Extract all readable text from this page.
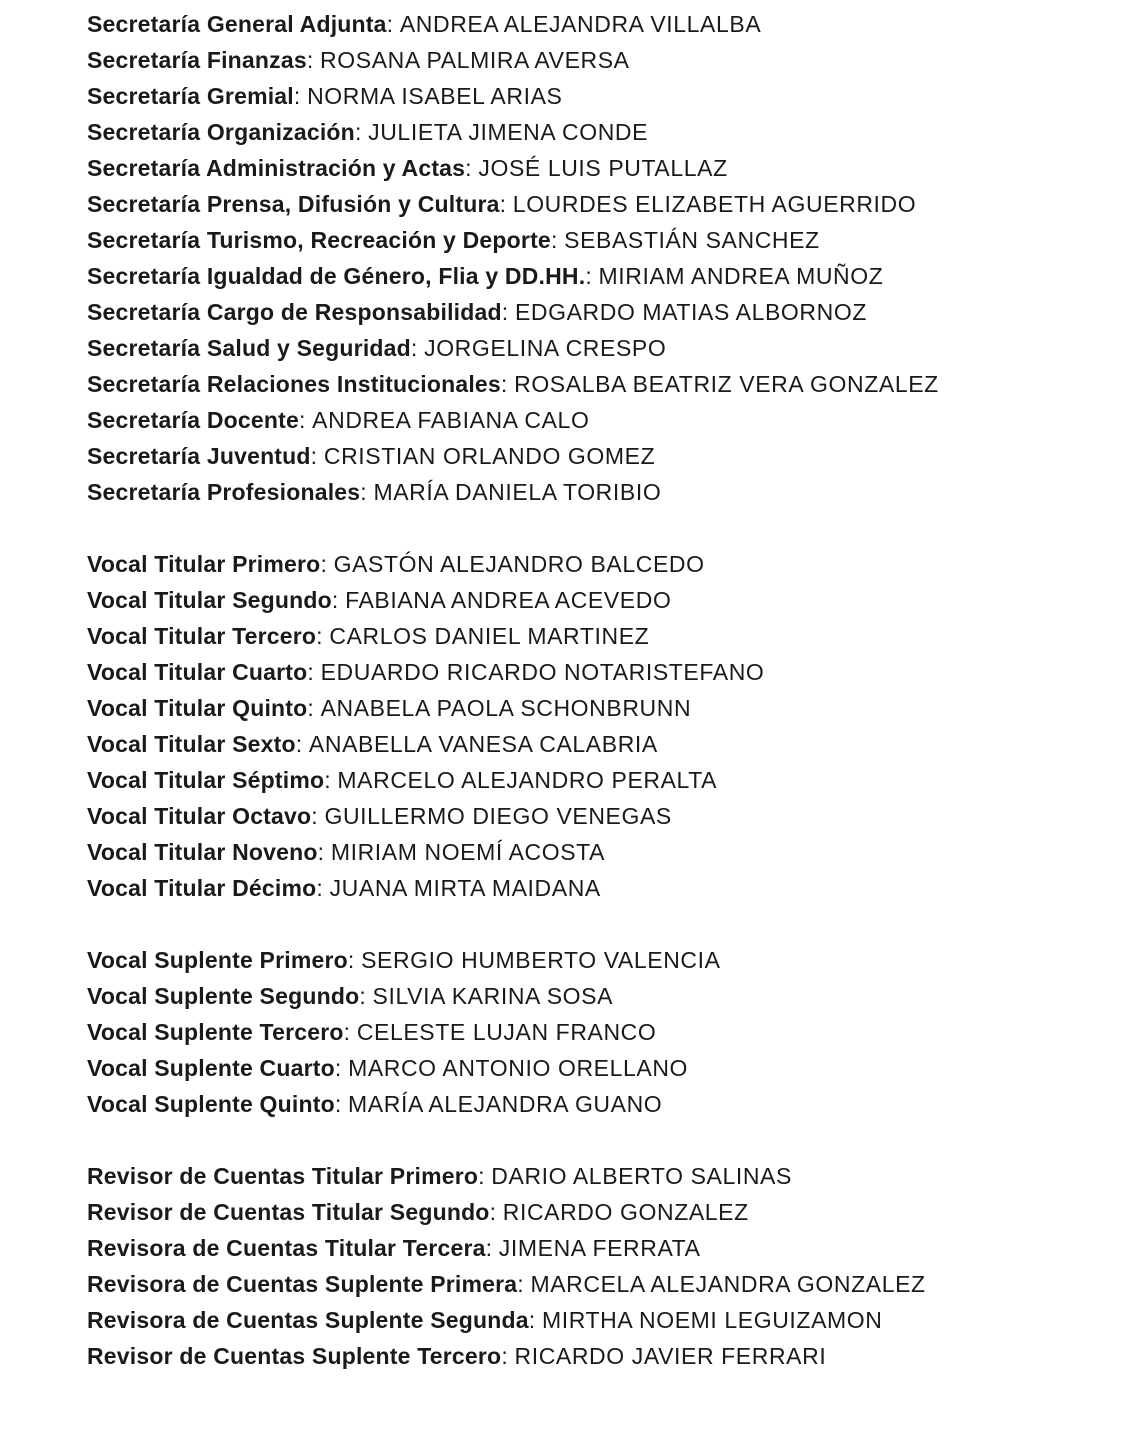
Secretaría General Adjunta: ANDREA ALEJANDRA VILLALBA
Secretaría Finanzas: ROSANA PALMIRA AVERSA
Secretaría Gremial: NORMA ISABEL ARIAS
Secretaría Organización: JULIETA JIMENA CONDE
Secretaría Administración y Actas: JOSÉ LUIS PUTALLAZ
Secretaría Prensa, Difusión y Cultura: LOURDES ELIZABETH AGUERRIDO
Secretaría Turismo, Recreación y Deporte: SEBASTIÁN SANCHEZ
Secretaría Igualdad de Género, Flia y DD.HH.: MIRIAM ANDREA MUÑOZ
Secretaría Cargo de Responsabilidad: EDGARDO MATIAS ALBORNOZ
Secretaría Salud y Seguridad: JORGELINA CRESPO
Secretaría Relaciones Institucionales: ROSALBA BEATRIZ VERA GONZALEZ
Secretaría Docente: ANDREA FABIANA CALO
Secretaría Juventud: CRISTIAN ORLANDO GOMEZ
Secretaría Profesionales: MARÍA DANIELA TORIBIO
Vocal Titular Primero: GASTÓN ALEJANDRO BALCEDO
Vocal Titular Segundo: FABIANA ANDREA ACEVEDO
Vocal Titular Tercero: CARLOS DANIEL MARTINEZ
Vocal Titular Cuarto: EDUARDO RICARDO NOTARISTEFANO
Vocal Titular Quinto: ANABELA PAOLA SCHONBRUNN
Vocal Titular Sexto: ANABELLA VANESA CALABRIA
Vocal Titular Séptimo: MARCELO ALEJANDRO PERALTA
Vocal Titular Octavo: GUILLERMO DIEGO VENEGAS
Vocal Titular Noveno: MIRIAM NOEMÍ ACOSTA
Vocal Titular Décimo: JUANA MIRTA MAIDANA
Vocal Suplente Primero: SERGIO HUMBERTO VALENCIA
Vocal Suplente Segundo: SILVIA KARINA SOSA
Vocal Suplente Tercero: CELESTE LUJAN FRANCO
Vocal Suplente Cuarto: MARCO ANTONIO ORELLANO
Vocal Suplente Quinto: MARÍA ALEJANDRA GUANO
Revisor de Cuentas Titular Primero: DARIO ALBERTO SALINAS
Revisor de Cuentas Titular Segundo: RICARDO GONZALEZ
Revisora de Cuentas Titular Tercera: JIMENA FERRATA
Revisora de Cuentas Suplente Primera: MARCELA ALEJANDRA GONZALEZ
Revisora de Cuentas Suplente Segunda: MIRTHA NOEMI LEGUIZAMON
Revisor de Cuentas Suplente Tercero: RICARDO JAVIER FERRARI
